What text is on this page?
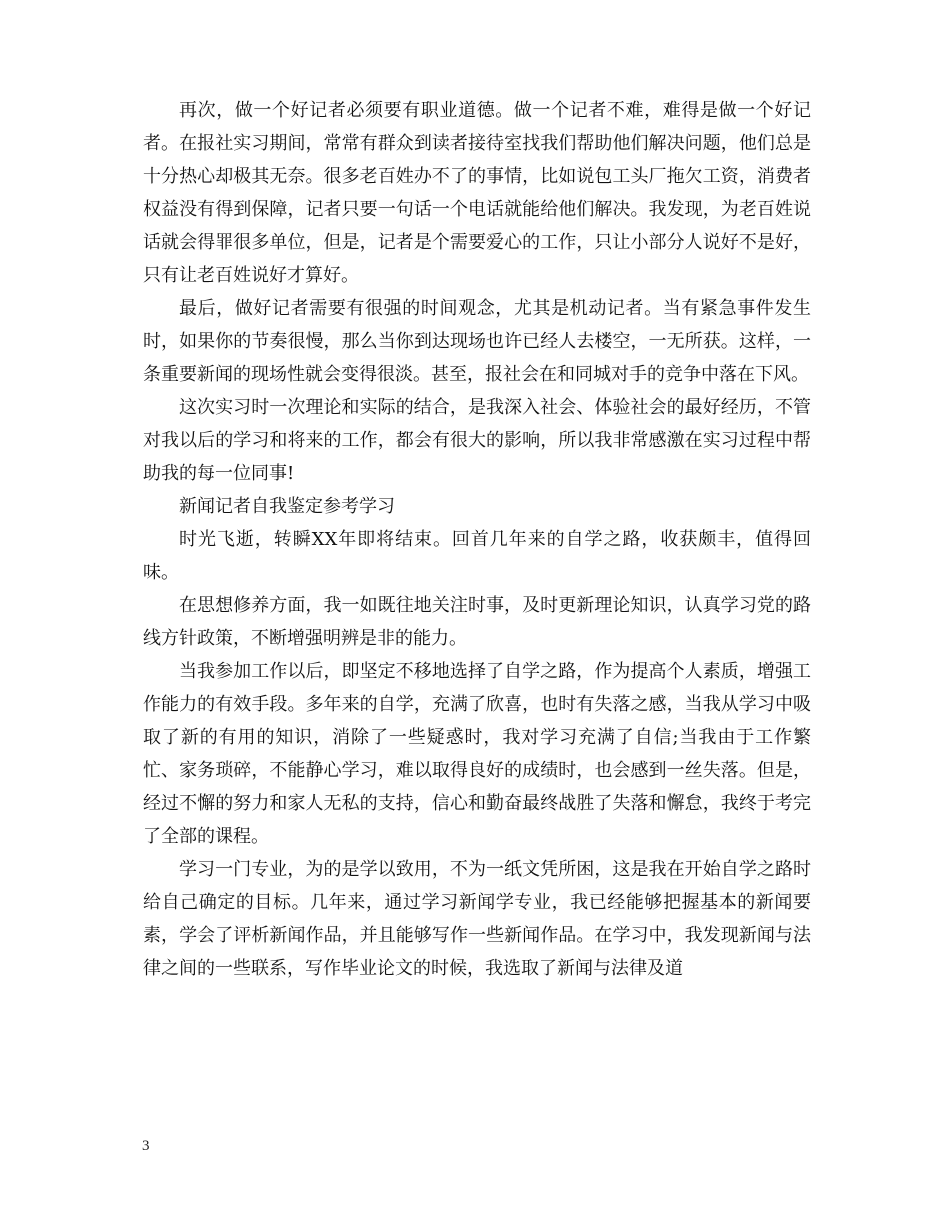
再次，做一个好记者必须要有职业道德。做一个记者不难，难得是做一个好记者。在报社实习期间，常常有群众到读者接待室找我们帮助他们解决问题，他们总是十分热心却极其无奈。很多老百姓办不了的事情，比如说包工头厂拖欠工资，消费者权益没有得到保障，记者只要一句话一个电话就能给他们解决。我发现，为老百姓说话就会得罪很多单位，但是，记者是个需要爱心的工作，只让小部分人说好不是好，只有让老百姓说好才算好。

最后，做好记者需要有很强的时间观念，尤其是机动记者。当有紧急事件发生时，如果你的节奏很慢，那么当你到达现场也许已经人去楼空，一无所获。这样，一条重要新闻的现场性就会变得很淡。甚至，报社会在和同城对手的竞争中落在下风。

这次实习时一次理论和实际的结合，是我深入社会、体验社会的最好经历，不管对我以后的学习和将来的工作，都会有很大的影响，所以我非常感激在实习过程中帮助我的每一位同事!

新闻记者自我鉴定参考学习

时光飞逝，转瞬XX年即将结束。回首几年来的自学之路，收获颇丰，值得回味。

在思想修养方面，我一如既往地关注时事，及时更新理论知识，认真学习党的路线方针政策，不断增强明辨是非的能力。

当我参加工作以后，即坚定不移地选择了自学之路，作为提高个人素质，增强工作能力的有效手段。多年来的自学，充满了欣喜，也时有失落之感，当我从学习中吸取了新的有用的知识，消除了一些疑惑时，我对学习充满了自信;当我由于工作繁忙、家务琐碎，不能静心学习，难以取得良好的成绩时，也会感到一丝失落。但是，经过不懈的努力和家人无私的支持，信心和勤奋最终战胜了失落和懈怠，我终于考完了全部的课程。

学习一门专业，为的是学以致用，不为一纸文凭所困，这是我在开始自学之路时给自己确定的目标。几年来，通过学习新闻学专业，我已经能够把握基本的新闻要素，学会了评析新闻作品，并且能够写作一些新闻作品。在学习中，我发现新闻与法律之间的一些联系，写作毕业论文的时候，我选取了新闻与法律及道

3
